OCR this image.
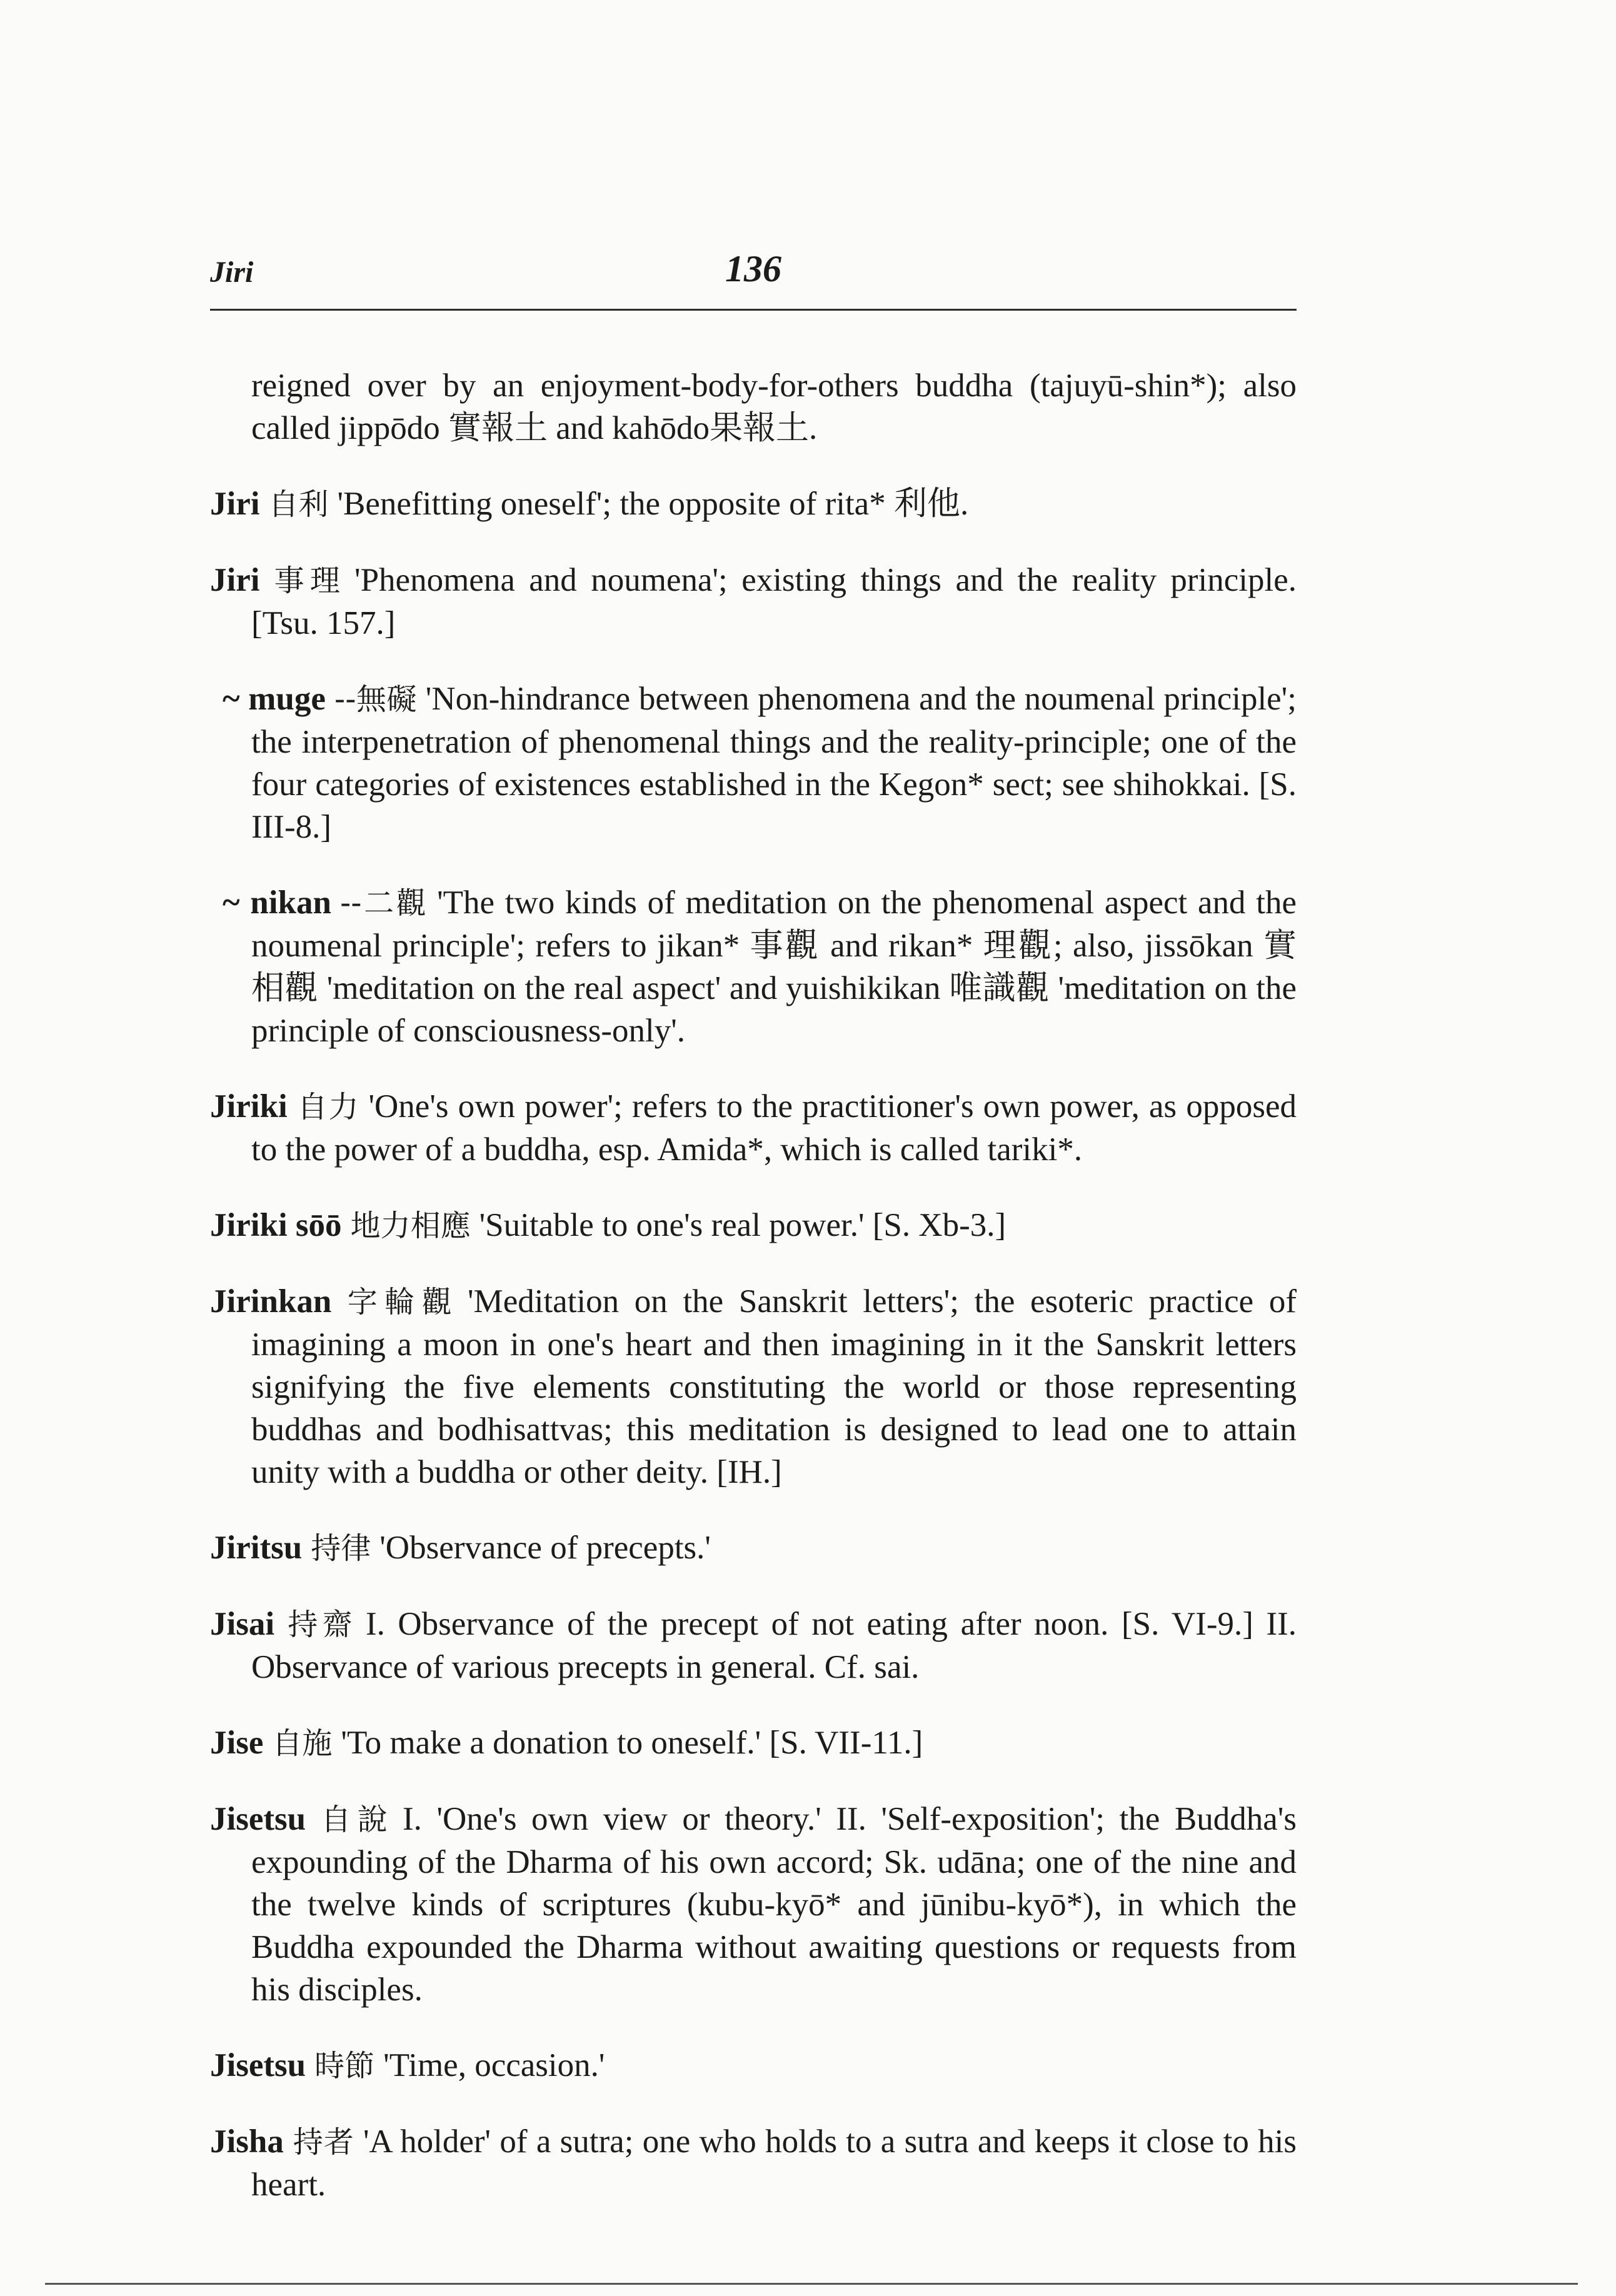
Jiri	136

reigned over by an enjoyment-body-for-others buddha (tajuyū-shin*); also called jippōdo 實報土 and kahōdo果報土.

Jiri 自利 'Benefitting oneself'; the opposite of rita* 利他.

Jiri 事理 'Phenomena and noumena'; existing things and the reality principle. [Tsu. 157.]

~ muge --無礙 'Non-hindrance between phenomena and the noumenal principle'; the interpenetration of phenomenal things and the reality-principle; one of the four categories of existences established in the Kegon* sect; see shihokkai. [S. III-8.]

~ nikan --二觀 'The two kinds of meditation on the phenomenal aspect and the noumenal principle'; refers to jikan* 事觀 and rikan* 理觀; also, jissōkan 實相觀 'meditation on the real aspect' and yuishikikan 唯識觀 'meditation on the principle of consciousness-only'.

Jiriki 自力 'One's own power'; refers to the practitioner's own power, as opposed to the power of a buddha, esp. Amida*, which is called tariki*.

Jiriki sōō 地力相應 'Suitable to one's real power.' [S. Xb-3.]

Jirinkan 字輪觀 'Meditation on the Sanskrit letters'; the esoteric practice of imagining a moon in one's heart and then imagining in it the Sanskrit letters signifying the five elements constituting the world or those representing buddhas and bodhisattvas; this meditation is designed to lead one to attain unity with a buddha or other deity. [IH.]

Jiritsu 持律 'Observance of precepts.'

Jisai 持齋 I. Observance of the precept of not eating after noon. [S. VI-9.] II. Observance of various precepts in general. Cf. sai.

Jise 自施 'To make a donation to oneself.' [S. VII-11.]

Jisetsu 自說 I. 'One's own view or theory.' II. 'Self-exposition'; the Buddha's expounding of the Dharma of his own accord; Sk. udāna; one of the nine and the twelve kinds of scriptures (kubu-kyō* and jūnibu-kyō*), in which the Buddha expounded the Dharma without awaiting questions or requests from his disciples.

Jisetsu 時節 'Time, occasion.'

Jisha 持者 'A holder' of a sutra; one who holds to a sutra and keeps it close to his heart.
